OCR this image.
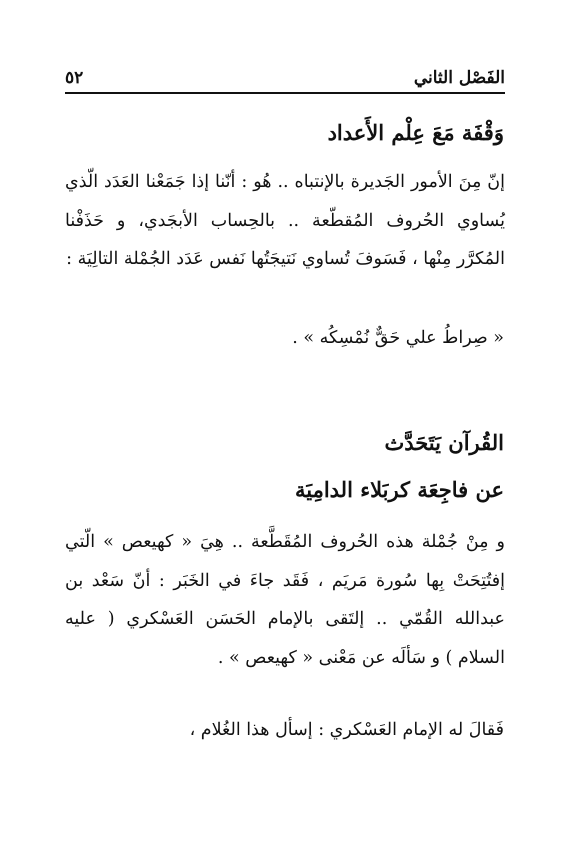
الفَصْل الثاني
٥٢
وَقْفَة مَعَ عِلْم الأَعداد

إنّ مِنَ الأمور الجَديرة بالإنتباه .. هُو : أنّنا إذا جَمَعْنا العَدَد الّذي يُساوي الحُروف المُقطّعة .. بالحِساب الأبجَدي، و حَذَفْنا المُكرَّر مِنْها ، فَسَوفَ تُساوي نَتيجَتُها نَفس عَدَد الجُمْلة التالِيَة :

« صِراطُ علي حَقٌّ نُمْسِكُه » .
القُرآن يَتَحَدَّث
عن فاجِعَة كربَلاء الدامِيَة

و مِنْ جُمْلة هذه الحُروف المُقَطَّعة .. هِيَ « كهيعص » الّتي إفتُتِحَتْ بِها سُورة مَريَم ، فَقَد جاءَ في الخَبَر : أنّ سَعْد بن عبدالله القُمّي .. إلتَقى بالإمام الحَسَن العَسْكري ( عليه السلام ) و سَألَه عن مَعْنى « كهيعص » .

فَقالَ له الإمام العَسْكري : إسأل هذا الغُلام ،
